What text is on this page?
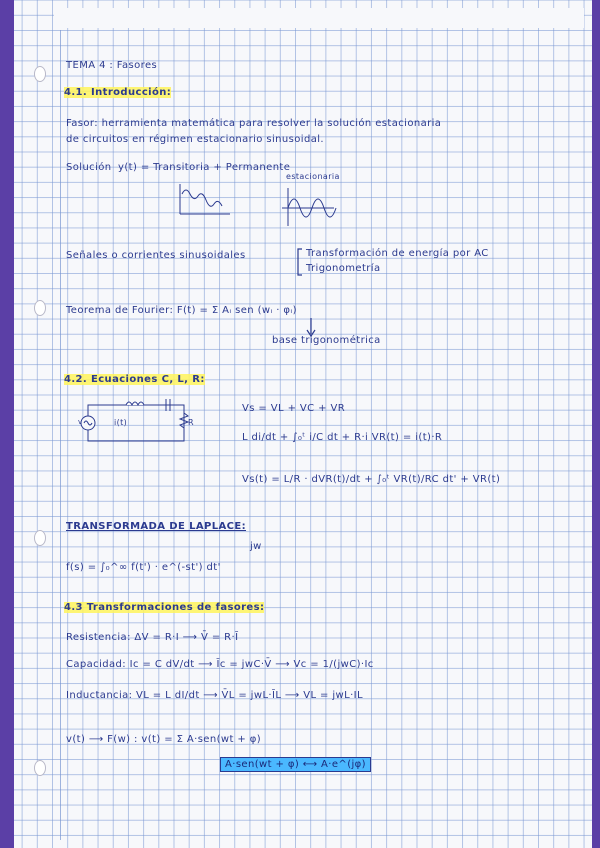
TEMA 4 : Fasores
4.1. Introducción:
Fasor: herramienta matemática para resolver la solución estacionaria
de circuitos en régimen estacionario sinusoidal.
Solución y(t) = Transitoria + Permanente
estacionaria
Señales o corrientes sinusoidales	Transformación de energía por AC
Trigonometría
Teorema de Fourier: F(t) = Σ Aᵢ sen (wᵢ · φᵢ)
base trigonométrica
4.2. Ecuaciones C, L, R:
i(t)	R
v
Vs = VL + VC + VR
L di/dt + ∫₀ᵗ i/C dt + R·i VR(t) = i(t)·R
Vs(t) = L/R · dVR(t)/dt + ∫₀ᵗ VR(t)/RC dt' + VR(t)
TRANSFORMADA DE LAPLACE:
f(s) = ∫₀^∞ f(t') · e^(-st') dt'
jw
4.3 Transformaciones de fasores:
Resistencia: ΔV = R·I ⟶ V̄ = R·Ī
Capacidad: Ic = C dV/dt ⟶ Īc = jwC·V̄ ⟶ Vc = 1/(jwC)·Ic
Inductancia: VL = L dI/dt ⟶ V̄L = jwL·ĪL ⟶ VL = jwL·IL
v(t) ⟶ F(w) : v(t) = Σ A·sen(wt + φ)
A·sen(wt + φ) ⟷ A·e^(jφ)
